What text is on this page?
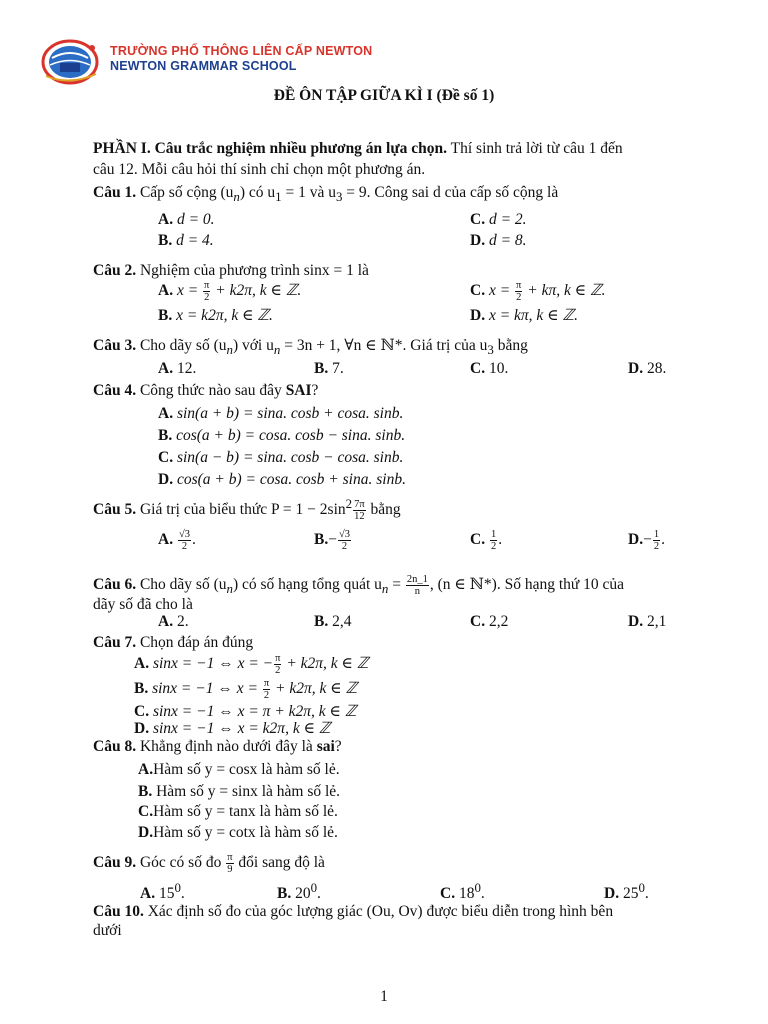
TRƯỜNG PHỔ THÔNG LIÊN CẤP NEWTON
NEWTON GRAMMAR SCHOOL
ĐỀ ÔN TẬP GIỮA KÌ I (Đề số 1)
PHẦN I. Câu trắc nghiệm nhiều phương án lựa chọn. Thí sinh trả lời từ câu 1 đến
câu 12. Mỗi câu hỏi thí sinh chỉ chọn một phương án.
Câu 1. Cấp số cộng $(u_n)$ có $u_1 = 1$ và $u_3 = 9$. Công sai d của cấp số cộng là
A. d = 0.	C. d = 2.
B. d = 4.	D. d = 8.
Câu 2. Nghiệm của phương trình sinx = 1 là
A. $x = \frac{\pi}{2} + k2\pi$, k ∈ ℤ.	C. $x = \frac{\pi}{2} + k\pi$, k ∈ ℤ.
B. x = k2π, k ∈ ℤ.	D. x = kπ, k ∈ ℤ.
Câu 3. Cho dãy số $(u_n)$ với $u_n = 3n + 1$, ∀n ∈ ℕ*. Giá trị của $u_3$ bằng
A. 12.	B. 7.	C. 10.	D. 28.
Câu 4. Công thức nào sau đây SAI?
A. sin(a + b) = sina. cosb + cosa. sinb.
B. cos(a + b) = cosa. cosb − sina. sinb.
C. sin(a − b) = sina. cosb − cosa. sinb.
D. cos(a + b) = cosa. cosb + sina. sinb.
Câu 5. Giá trị của biểu thức $P = 1 - 2\sin^2 \frac{7\pi}{12}$ bằng
A. $\frac{√3}{2}$ .	$B.- \frac{√3}{2}$	C. $\frac{1}{2}$ .	$D.- \frac{1}{2}$ .
Câu 6. Cho dãy số $(u_n)$ có số hạng tổng quát $u_n = \frac{2n\_1}{n}$ , (n ∈ ℕ*). Số hạng thứ 10 của
dãy số đã cho là
A. 2.	B. 2,4	C. 2,2	D. 2,1
Câu 7. Chọn đáp án đúng
A. sinx = −1 ⇔ x = − $\frac{\pi}{2} + k2\pi$, k ∈ ℤ
B. sinx = −1 ⇔ $x = \frac{\pi}{2} + k2\pi$, k ∈ ℤ
C. sinx = −1 ⇔ x = π + k2π, k ∈ ℤ
D. sinx = −1 ⇔ x = k2π, k ∈ ℤ
Câu 8. Khẳng định nào dưới đây là sai?
A.Hàm số y = cosx là hàm số lẻ.
B. Hàm số y = sinx là hàm số lẻ.
C.Hàm số y = tanx là hàm số lẻ.
D.Hàm số y = cotx là hàm số lẻ.
Câu 9. Góc có số đo $\frac{\pi}{9}$ đổi sang độ là
A. $15^0$.	B. $20^0$.	C. $18^0$.	D. $25^0$.
Câu 10. Xác định số đo của góc lượng giác (Ou, Ov) được biểu diễn trong hình bên
dưới
1
